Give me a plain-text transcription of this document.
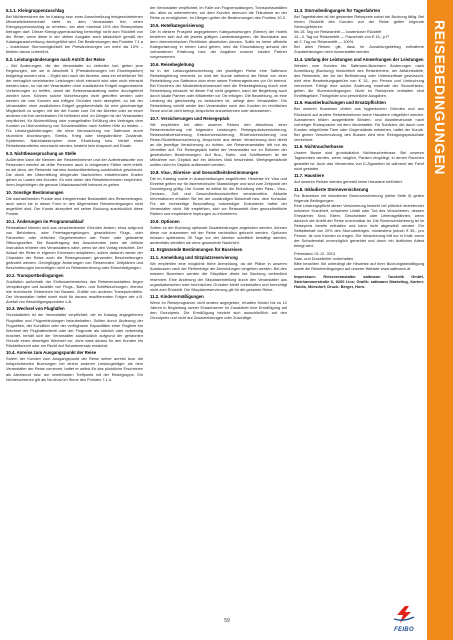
5.1.1. Kleingruppenzuschlag

Bei Nichterreichen der im Katalog bzw. einer Ausschreibung festgeschriebenen Mindestteilnehmerzahl steht es dem Veranstalter frei, einen Kleingruppenzuschlag zu erheben, der aber maximal 10% des Reisepreises betragen darf. Dieser Kleingruppenzuschlag berechtigt nicht zum Rücktritt von der Reise, wenn diese in der obiken Ausgabe auch tatsächlich gemäß der Katalogausschreibung durchgeführt wird. Die Bestimmungen des Punktes 7.1 a – kostenlose Stornomöglichkeit bei Preisänderungen um mehr als 10% – bleiben davon unberührt.

5.2. Leistungsänderungen nach Antritt der Reise

– Bei Änderungen, die der Veranstalter zu vertreten hat, gelten jene Regelungen, wie sie in Abschnitt 5 (Preisänderungen bei Einzelnpakten) festgelegt worden sind. – Ergibt sich nach der Abreise, dass ein erheblicher Teil der vertraglich vereinbarten Leistungen nicht erbracht wird oder nicht erbracht werden kann, so hat der Veranstalter ohne zusätzliches Entgelt angemessene Vorkehrungen zu treffen, damit die Reiseveranstaltung weiter durchgeführt werden kann. Können solche Vorkehrungen nicht getroffen werden oder werden sie vom Kunden aus triftigen Gründen nicht akzeptiert, so hat der Veranstalter ohne zusätzliches Entgelt gegebenenfalls für eine gleichwertige Möglichkeit zu sorgen, mit der der Kunde zum Ort der Abreise oder an einen anderen mit ihm vereinbarten Ort befördert wird. Im Übrigen ist der Veranstalter verpflichtet, für Nichterfüllung oder mangelhafter Erfüllung des Vertrages dem Kunden zu Übervorteilung von Schadensfällen nach Kräften Hilfe zu leisten. – Für Leistungsänderungen, die ohne Verursachung von Sattmann durch räumliche Anordnungen, Streiks, Krieg oder kriegsähnliche Zustände, Epidemien, Naturkatastrophen ohne Einwirkung bzw. Verfall eines Reisebestandteiles verursacht werden, besteht kein Anspruch auf Ersatz.

5.3. Nichtbeanspruchung an Stelle

Außerdem kann die Nennen der Reiseteilnehmer und der Aufenthaltsortte von Reisenden werden ab dritte Personen auch in dringenden Fällen nicht erteilt, es sei denn, der Reisende hat eine Auskunftserteilung ausdrücklich gewünscht. Die durch die Übermittlung dringender Nachrichten entstehenden Kosten gehen zu Lasten des Kunden. Es wird daher den Reiseteilnehmern empfohlen, ihren Angehörigen die genaue Urlaubsanschrift bekannt zu geben.

10. Sonstige Bestimmungen

Die nachstehenden Punkte sind integrierender Bestandteil des Reisevertrages, auch wenn sie in dieser Form in den Allgemeinen Reisebedingungen nicht angeführt sind. Der Kunde akzeptiert mit seiner Buchung ausdrücklich diese Punkte.

10.1. Änderungen im Programmablauf

Reiseablauf können sich aus verschiedenster Gründen ändern, etwa aufgrund von Behördens- oder Feiertagsregelungen, gesetzlichen Flugs- oder Fahrzeiten oder örtlichen Gegebenheiten wie Feste oder geänderte Öffnungszeiten. Die Beauftragung des Ansuchenden kann die örtliche Instruktion erbieter des Veranstalters nahe, wenn sie den Vortag einrichtet. Der Ablauf der Reise in eigenen Ermessen adaptieren, sofern dadurch weder der Charakter der Reise noch die Reisegenossen genannten Beschreibungen geändert werden. Geringfügige Änderungen von Reiserouten, Zeitplänen und Beschreibungen berechtigen nicht zu Reisestornierung oder Entschädigungen.

10.2. Transportbedingungen

Zusätzlich außerhalb der Einflusserbereiches des Reiseveranstalters liegen Verspätungen und Ausfälle von Flugs-, Bahn- und Schiffsbuchungen, ebenso wie technische Gebrechen bei Bussen. Zufälle von anderen Transportmitteln. Der Veranstalter haftet somit nicht für daraus resultierenden Folgen wie z.B. Ausfall von Besichtigungspunkten o.Ä.

10.3. Wechsel von Flughäfen

Grundsätzlich ist der Veranstalter verpflichtet, die im Katalog angegebenen Flughäfen und Flugverbindungen beizubehalten. Sollten durch Änderung der Flugzeiten, der Kondition oder der verfügbaren Kapazitäten einer Fluglinie ein Wechsel der Flughafendientl oder der Flugroute als nützlich oder notwendig erachtet, behält sich der Veranstalter ausdrücklich aufgrund der genannten Gründe einen derartigen Wechsel vor, ohne dass daraus für den Kunden ein Rücktrittsrecht oder ein Recht auf Schadenersatz erwächst.

10.4. Anreise zum Ausgangspunkt der Reise

Sofern der Kunden zum Ausgangspunkt der Reise selber anreist bzw. die entsprechenden Buchungen bei einem anderen Leistungsträger als dem Veranstalter der Reise vornimmt, haftet er selbst für das pünktliche Erscheinen als Abreiseort bzw. am vereinbarten Treffpunkt mit der Reisegruppe. Ein Nichterscheinen gilt als No-show im Sinne des Punktes 7.1.d.

der Veranstalter verpflichtet, im Falle von Flugverspätungen, Transportausfällen etc. alles zu unternehmen, um dem Kunden dennoch die Teilnahme an der Reise zu ermöglichen. Im Übrigen gelten die Bestimmungen des Punktes 10.3.

10.5. Hotelkategorisierung

Die in diesem Prospekt angegebenen Kategorisierungen (Sterne) der Hotels beziehen sich auf die jeweils gültigen Landeskategorien, die Buchstabe aus dem österreichischen Richtlinien abweichen können. Sollte es keine offizielle Kategorisierung in einem Land geben, wird die Einschätzung anhand der vorhandenen Erfahrung bzw. der Angaben unserer lokalen Partner vorgenommen.

10.6. Reisebegleitung

Ist in der Leistungsbeschreibung der jeweiligen Reise eine Sattmann Reisebegleitung vermerkt, so wird der Kunde während der Reise von einer Reiseleitung von Sattmann oder einer seiner Partneragenturen vor Ort betreut. Bei Erreichen der Mindestteilnehmerzahl wird die Reisebegleitung durch eine Reiseleitung erbracht; ist dieser Fall nicht gegeben, kann die Begleitung auch durch lokale Partner oder Mitarbeiter vor Ort erfolgen. Die Beurteilung, ob eine Leistung als gleichwertig zu betrachten ist, obliegt dem Veranstalter. Die Reiseleitung vertritt weder den Veranstalter noch den Kunden im rechtlichen Sinne und ist nicht befugt, Ansprüche anzuerkennen oder abzuweisen.

10.7. Versicherungen und Reisegepäck

Wir empfehlen bei allen unseren Reisen den Abschluss einer Reiseversicherung mit folgenden Leistungen: Reisegepäckversicherung, Reiseunfallversicherung, Krankenversicherung, Rückholversicherung und Reise-Rücktrittsversicherung. Ansprüche aus dieser Versicherung sind direkt an die jeweilige Versicherung zu richten, der Reiseveranstalter tritt nur als Vermittler auf. Für Reisegepäck haftet der Veranstalter nur im Rahmen der gesetzlichen Bestimmungen. Auf Bus-, Bahn- und Schiffsreisen ist die Mitnahme von Gepäck auf ein übliches Maß beschränkt. Wertgegenstände sollten nicht im Gepäck aufbewahrt werden.

10.8. Visa-, Einreise- und Gesundheitsbestimmungen

Die im Katalog sowie in Ausschreibungen angeführten Hinweise für Visa und Einreise gelten nur für österreichische Staatsbürger und sind zum Zeitpunkt der Drucklegung gültig. Der Kunde ist selbst für die Einhaltung aller Pass-, Visa-, Devisen-, Zoll- und Gesundheitsvorschriften verantwortlich. Aktuelle Informationen erhalten Sie bei der zuständigen Botschaft bzw. dem Konsulat. Für die rechtzeitige Beschaffung notwendiger Dokumente haftet der Veranstalter nicht. Wir empfehlen, sich vor Reiseantritt über gesundheitliche Risiken und empfohlene Impfungen zu informieren.

10.9. Optionen

Sofern zu der Buchung optionale Zusatzleistungen angeboten werden, können diese nur zusammen mit der Reise verbindlich gebucht werden. Optionen müssen spätestens 30 Tage vor der Abreise schriftlich bestätigt werden, andernfalls verfallen sie ohne gesonderte Nachricht.

11. Ergänzende Bestimmungen für Busreisen
11.1. Anmeldung und Sitzplatzreservierung

Wir empfehlen eine möglichst frühe Anmeldung, da die Plätze in unseren Autobussen nach der Reihenfolge der Anmeldungen vergeben werden. Bei den meisten Busreisen werden die Sitzplätze direkt bei Buchung verbindlich reserviert. Eine Änderung der Sitzplatzeinteilung durch den Veranstalter aus organisatorischen oder technischen Gründen bleibt vorbehalten und berechtigt nicht zum Rücktritt. Die Sitzplatzreservierung gilt für die gesamte Reise.

11.2. Kinderermäßigungen

Wenn im Reiseprogramm nicht anders angegeben, erhalten Kinder bis zu 12 Jahren in Begleitung zweier Erwachsener im Zusatzbett eine Ermäßigung auf den Grundpreis. Die Ermäßigung bezieht sich ausschließlich auf den Grundpreis und nicht auf Zusatzleistungen oder Zuschläge.

11.3. Stornobedingungen für Tagesfahrten

Bei Tagesfahrten ist bei gesamten Reisepreis sofort bei Buchung fällig. Bei einem Rücktritt des Kunden von der Reise gelten folgende Stornogebühren:
bis 15. Tag vor Reiseantritt — kostenloser Rücktritt
14.–3. Tag vor Reiseantritt — Pauschale von € 15,- p.P.
ab 2. Tag vor Reiseantritt — 100%
Bei allen Reisen gilt, dass im Anzahlungsbetrag enthaltene Zusatzleistungen nicht rückerstattet werden.

11.4. Umfang der Leistungen und Anmerkungen der Leistungen

Werden vom Kunden bis Sattmann-Busreisen Änderungen nach Anmeldung (Buchung) hinsichtlich des Reisetermins, der Abfahrtsstelle, des Reiseziels, der Art der Beförderung oder Unterkunftsart gewünscht, wird eine Bearbeitungsgebühr von € 15,- pro Person und Umbuchung verrechnet. Erfolgt eine solche Änderung innerhalb der Stornofristen, gelten die Stornobedingungen. Nicht im Reisepreis enthalten sind Eintrittsgelder, Trinkgelder und persönliche Ausgaben.

11.5. Haustierbuchungen und Ersatzpflichten

Bei unseren Busreisen dürfen aus hygienischen Gründen und aus Rücksicht auf andere Reiseteilnehmer keine Haustiere mitgeführt werden. Ausnahmen bilden ausgebildete Blinden- und Assistenzhunde nach vorheriger Rücksprache mit dem Veranstalter. Für Schäden, die durch vom Kunden mitgeführte Tiere oder Gegenstände entstehen, haftet der Kunde. Bei grober Verschmutzung des Busses wird eine Reinigungspauschale verrechnet.

11.6. Nichtraucherbusse

Unsere Busse sind grundsätzlich Nichtraucherbusse. Bei unseren Tagesreisen werden, wenn möglich, Pausen eingelegt, in denen Rauchen gestattet ist. Auch das Verwenden von E-Zigaretten ist während der Fahrt nicht gestattet.

11.7. Haustiere

Auf unseren Reisen werden generell keine Haustiere befördert.

11.8. Inkludierte Stornoversicherung

Für Busreisen mit inkludierter Stornoversicherung (siehe Seite 5) gelten folgende Bedingungen:
Eine Leistungspflicht dieser Versicherung besteht bei plötzlich eintretender schwerer Krankheit, schwerem Unfall oder Tod des Versicherten, dessen Ehepartner, Kind, Eltern, Geschwister oder Lebensgefährten, wenn dadurch der Antritt der Reise unzumutbar ist. Die Stornoversicherung ist im Reisepreis bereits enthalten und kann nicht abgewählt werden. Ein Selbstbehalt von 20% des Stornobetrages, mindestens jedoch € 35,- pro Person, ist vom Kunden zu tragen. Die Versicherung tritt nur in Kraft, wenn der Schadensfall unverzüglich gemeldet und durch ein ärztliches Attest belegt wird.

Preisstand: 01.12. 2013
Satz- und Druckfehler vorbehalten.
Bitte beachten Sie unbedingt die Hinweise auf Ihrer Buchungsbestätigung sowie die Reisebedingungen auf unserer Website www.sattmann.at

Impressum: Reiseveranstalter sattmann Touristik GmbH, Steirhammerstraße 6, 8200 Linz; Grafik: sattmann Marketing, Karten: Holdis, Mörsdorf; Druck: Berger, Horn.

REISEBEDINGUNGEN
59
FEIBO
